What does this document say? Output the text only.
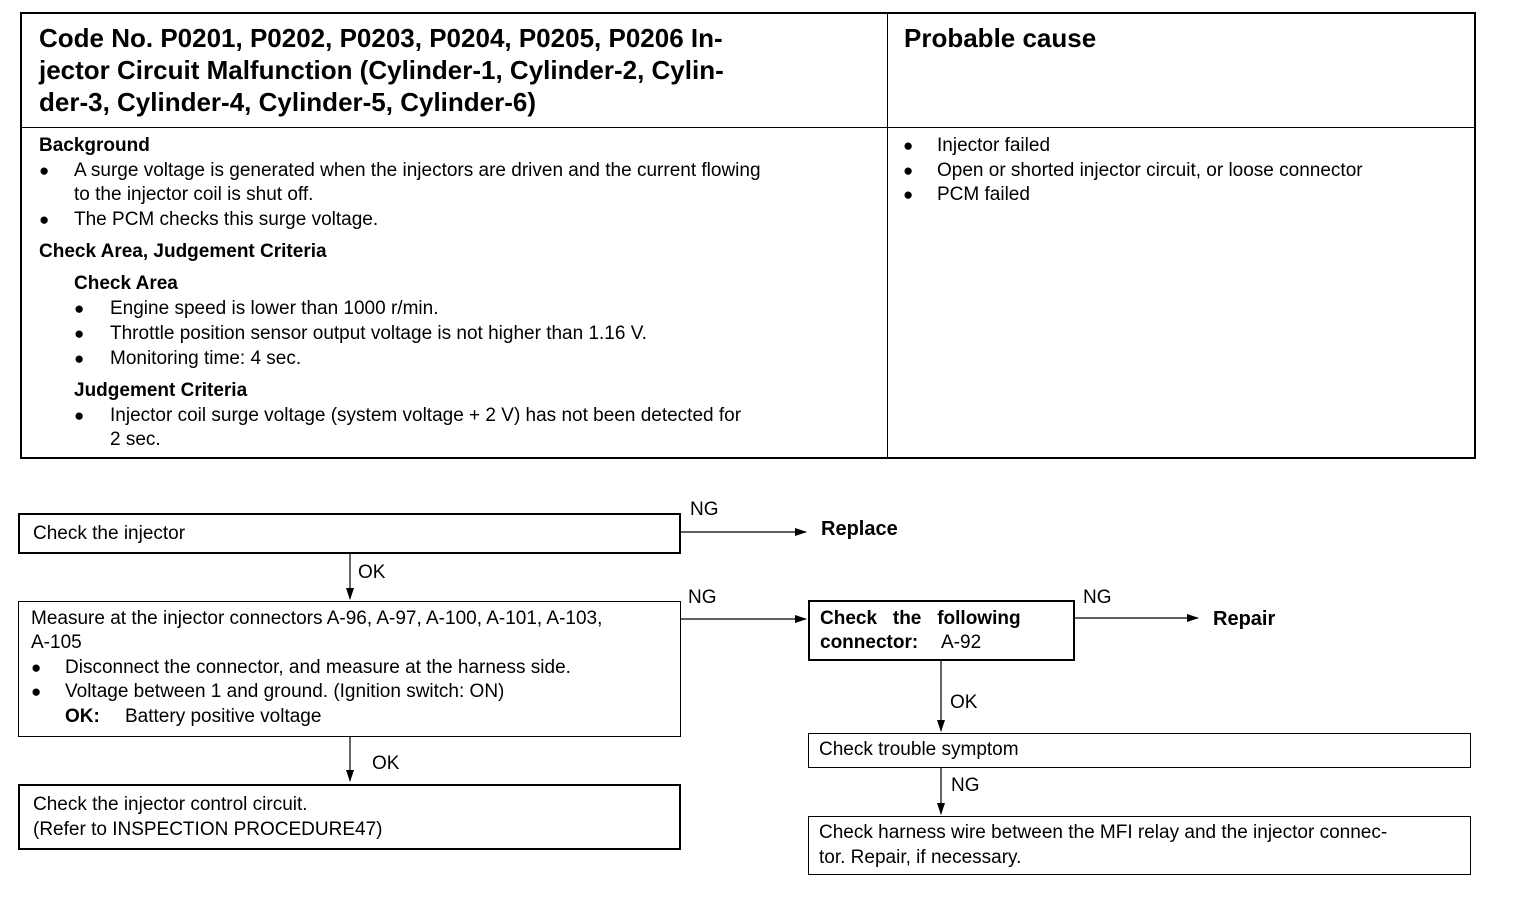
Code No. P0201, P0202, P0203, P0204, P0205, P0206 In-
jector Circuit Malfunction (Cylinder-1, Cylinder-2, Cylin-
der-3, Cylinder-4, Cylinder-5, Cylinder-6)
Probable cause
Background
● A surge voltage is generated when the injectors are driven and the current flowing
to the injector coil is shut off.
● The PCM checks this surge voltage.
Check Area, Judgement Criteria
Check Area
● Engine speed is lower than 1000 r/min.
● Throttle position sensor output voltage is not higher than 1.16 V.
● Monitoring time: 4 sec.
Judgement Criteria
● Injector coil surge voltage (system voltage + 2 V) has not been detected for
2 sec.
● Injector failed
● Open or shorted injector circuit, or loose connector
● PCM failed
Check the injector
Measure at the injector connectors A-96, A-97, A-100, A-101, A-103,
A-105
● Disconnect the connector, and measure at the harness side.
● Voltage between 1 and ground. (Ignition switch: ON)
OK: Battery positive voltage
Check the injector control circuit.
(Refer to INSPECTION PROCEDURE47)
Check   the   following
connector: A-92
Check trouble symptom
Check harness wire between the MFI relay and the injector connec-
tor. Repair, if necessary.
NG
Replace
OK
NG	NG
Repair
OK
OK
NG
